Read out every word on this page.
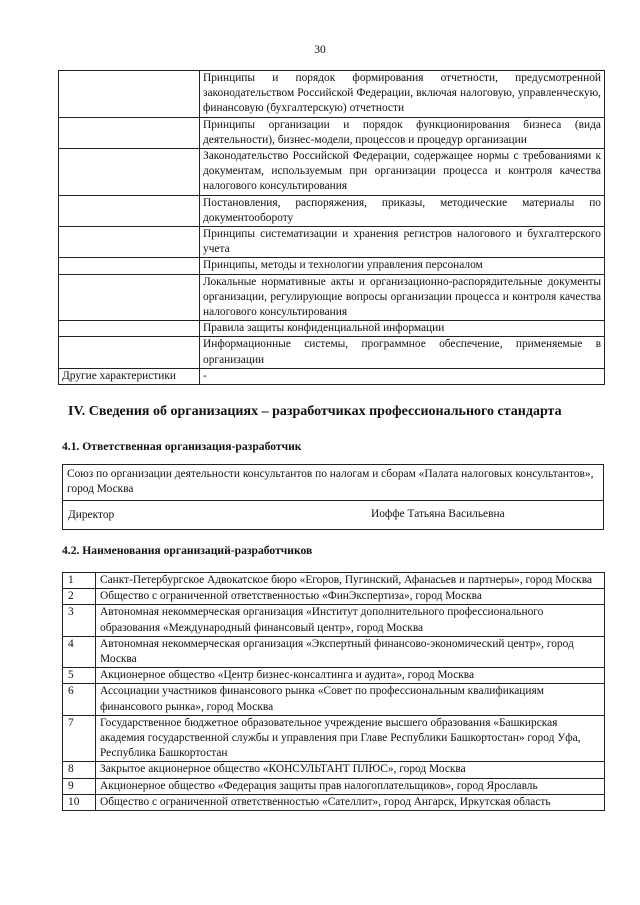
30
	Принципы и порядок формирования отчетности, предусмотренной законодательством Российской Федерации, включая налоговую, управленческую, финансовую (бухгалтерскую) отчетности
	Принципы организации и порядок функционирования бизнеса (вида деятельности), бизнес-модели, процессов и процедур организации
	Законодательство Российской Федерации, содержащее нормы с требованиями к документам, используемым при организации процесса и контроля качества налогового консультирования
	Постановления, распоряжения, приказы, методические материалы по документообороту
	Принципы систематизации и хранения регистров налогового и бухгалтерского учета
	Принципы, методы и технологии управления персоналом
	Локальные нормативные акты и организационно-распорядительные документы организации, регулирующие вопросы организации процесса и контроля качества налогового консультирования
	Правила защиты конфиденциальной информации
	Информационные системы, программное обеспечение, применяемые в организации
Другие характеристики	-
IV. Сведения об организациях – разработчиках профессионального стандарта
4.1. Ответственная организация-разработчик
Союз по организации деятельности консультантов по налогам и сборам «Палата налоговых консультантов», город Москва
Директор	Иоффе Татьяна Васильевна
4.2. Наименования организаций-разработчиков
1	Санкт-Петербургское Адвокатское бюро «Егоров, Пугинский, Афанасьев и партнеры», город Москва
2	Общество с ограниченной ответственностью «ФинЭкспертиза», город Москва
3	Автономная некоммерческая организация «Институт дополнительного профессионального образования «Международный финансовый центр», город Москва
4	Автономная некоммерческая организация «Экспертный финансово-экономический центр», город Москва
5	Акционерное общество «Центр бизнес-консалтинга и аудита», город Москва
6	Ассоциации участников финансового рынка «Совет по профессиональным квалификациям финансового рынка», город Москва
7	Государственное бюджетное образовательное учреждение высшего образования «Башкирская академия государственной службы и управления при Главе Республики Башкортостан» город Уфа, Республика Башкортостан
8	Закрытое акционерное общество «КОНСУЛЬТАНТ ПЛЮС», город Москва
9	Акционерное общество «Федерация защиты прав налогоплательщиков», город Ярославль
10	Общество с ограниченной ответственностью «Сателлит», город Ангарск, Иркутская область
